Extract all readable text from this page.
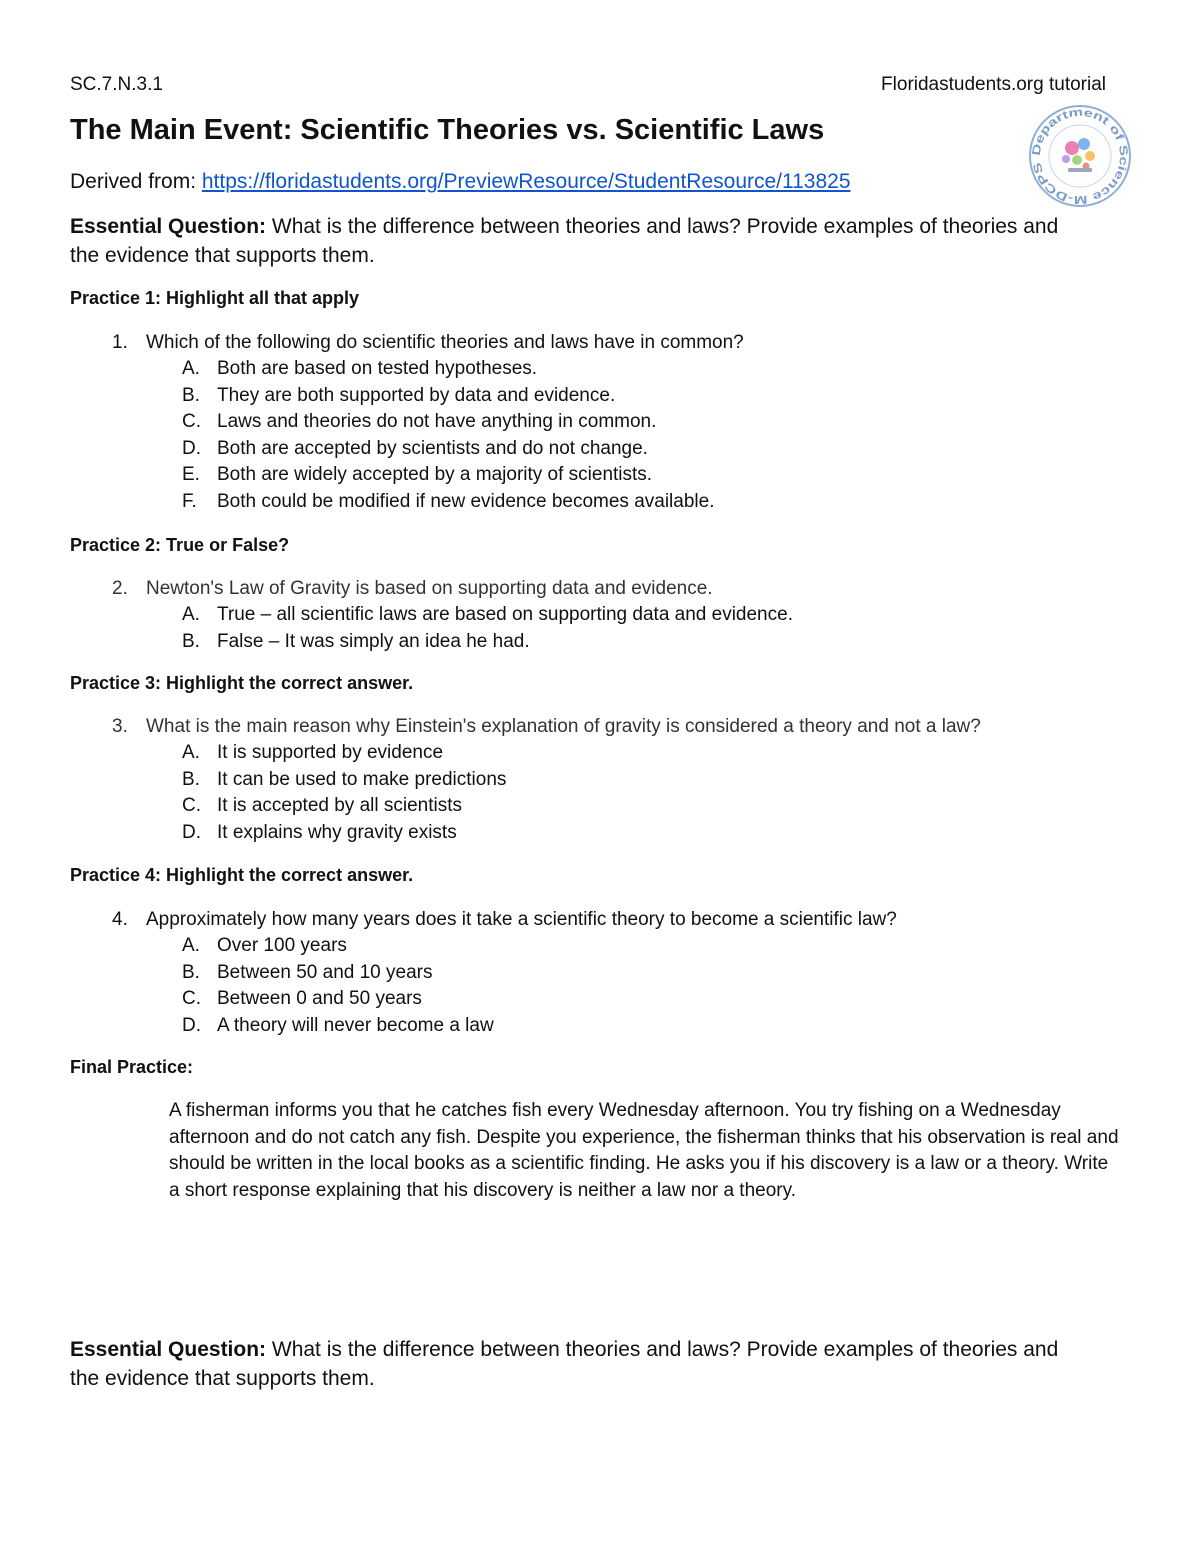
SC.7.N.3.1	Floridastudents.org tutorial
The Main Event: Scientific Theories vs. Scientific Laws
Derived from: https://floridastudents.org/PreviewResource/StudentResource/113825
Department of Science M-DCPS
Essential Question: What is the difference between theories and laws? Provide examples of theories and the evidence that supports them.
Practice 1: Highlight all that apply
1. Which of the following do scientific theories and laws have in common?
A. Both are based on tested hypotheses.
B. They are both supported by data and evidence.
C. Laws and theories do not have anything in common.
D. Both are accepted by scientists and do not change.
E. Both are widely accepted by a majority of scientists.
F. Both could be modified if new evidence becomes available.
Practice 2: True or False?
2. Newton's Law of Gravity is based on supporting data and evidence.
A. True – all scientific laws are based on supporting data and evidence.
B. False – It was simply an idea he had.
Practice 3: Highlight the correct answer.
3. What is the main reason why Einstein's explanation of gravity is considered a theory and not a law?
A. It is supported by evidence
B. It can be used to make predictions
C. It is accepted by all scientists
D. It explains why gravity exists
Practice 4: Highlight the correct answer.
4. Approximately how many years does it take a scientific theory to become a scientific law?
A. Over 100 years
B. Between 50 and 10 years
C. Between 0 and 50 years
D. A theory will never become a law
Final Practice:
A fisherman informs you that he catches fish every Wednesday afternoon. You try fishing on a Wednesday afternoon and do not catch any fish. Despite you experience, the fisherman thinks that his observation is real and should be written in the local books as a scientific finding. He asks you if his discovery is a law or a theory. Write a short response explaining that his discovery is neither a law nor a theory.
Essential Question: What is the difference between theories and laws? Provide examples of theories and the evidence that supports them.
